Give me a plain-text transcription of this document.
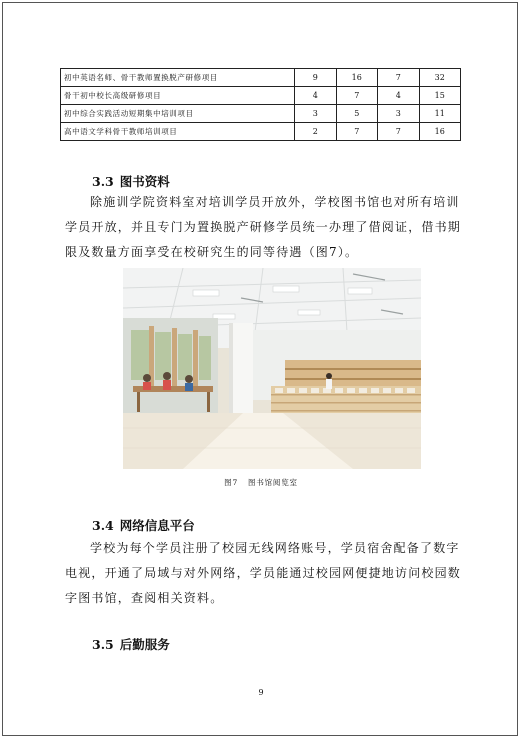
初中英语名师、骨干教师置换脱产研修项目	9	16	7	32
骨干初中校长高级研修项目	4	7	4	15
初中综合实践活动短期集中培训项目	3	5	3	11
高中语文学科骨干教师培训项目	2	7	7	16
3.3 图书资料

除施训学院资料室对培训学员开放外，学校图书馆也对所有培训学员开放，并且专门为置换脱产研修学员统一办理了借阅证，借书期限及数量方面享受在校研究生的同等待遇（图7）。

图7 图书馆阅览室
3.4 网络信息平台

学校为每个学员注册了校园无线网络账号，学员宿舍配备了数字电视，开通了局域与对外网络，学员能通过校园网便捷地访问校园数字图书馆，查阅相关资料。

3.5 后勤服务
9
